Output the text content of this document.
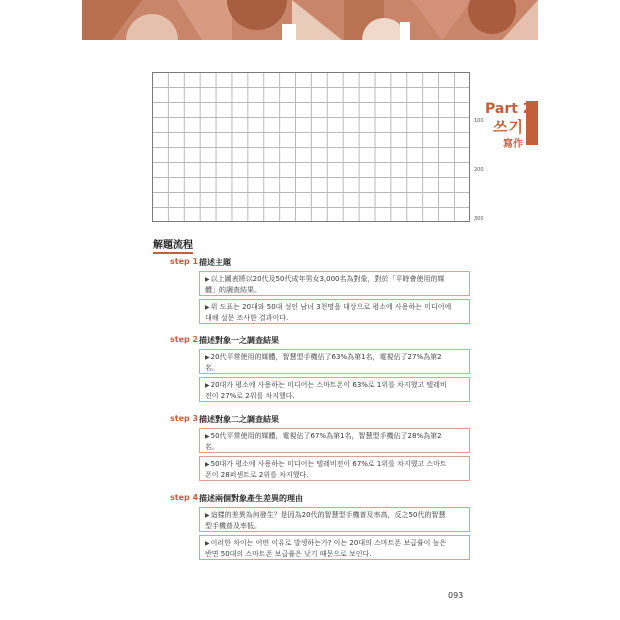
100
200
300
Part 2
쓰기
寫作
解題流程
step 1 描述主題
▶以上圖表將以20代及50代成年男女3,000名為對象，對於「平時會使用的媒
體」的調查結果。
▶위 도표는 20대와 50대 성인 남녀 3천명을 대상으로 평소에 사용하는 미디어에
대해 설문 조사한 결과이다.
step 2 描述對象一之調查結果
▶20代平常使用的媒體，智慧型手機佔了63%為第1名，電視佔了27%為第2
名。
▶20대가 평소에 사용하는 미디어는 스마트폰이 63%로 1위를 차지했고 텔레비
전이 27%로 2위를 차지했다.
step 3 描述對象二之調查結果
▶50代平常使用的媒體，電視佔了67%為第1名，智慧型手機佔了28%為第2
名。
▶50대가 평소에 사용하는 미디어는 텔레비전이 67%로 1위를 차지했고 스마트
폰이 28퍼센트로 2위를 차지했다.
step 4 描述兩個對象產生差異的理由
▶這樣的差異為何發生？是因為20代的智慧型手機普及率高，反之50代的智慧
型手機普及率低。
▶이러한 차이는 어떤 이유로 발생하는가? 이는 20대의 스마트폰 보급률이 높은
반면 50대의 스마트폰 보급률은 낮기 때문으로 보인다.
093
